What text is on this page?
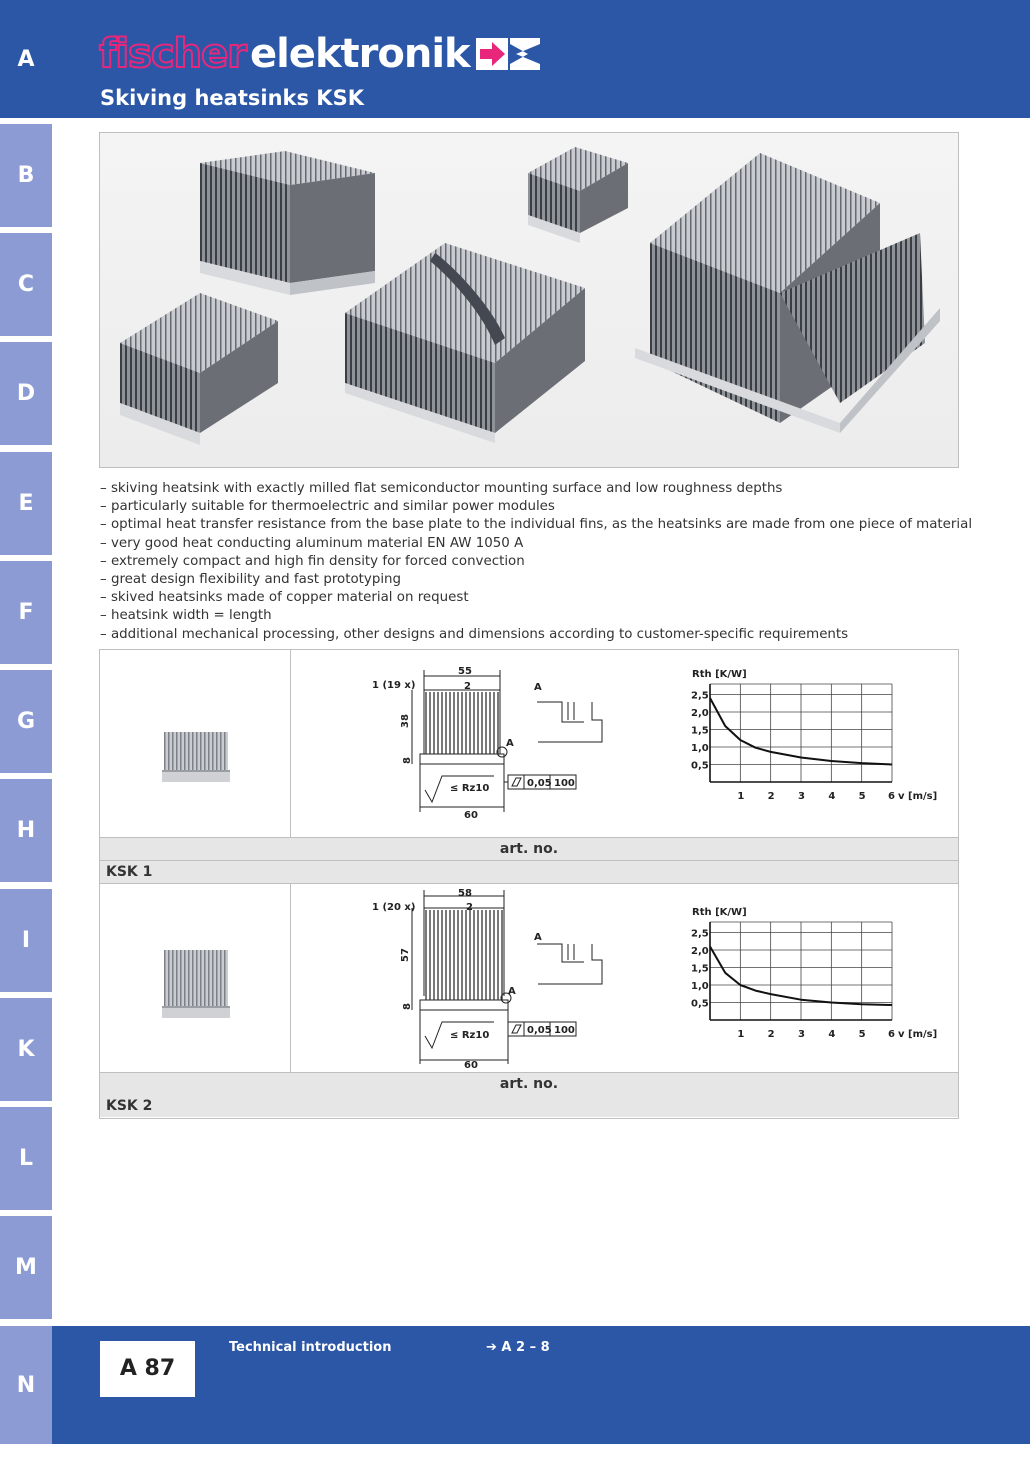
fischer elektronik
Skiving heatsinks KSK
A
B
C
D
E
F
G
H
I
K
L
M
N
– skiving heatsink with exactly milled flat semiconductor mounting surface and low roughness depths
– particularly suitable for thermoelectric and similar power modules
– optimal heat transfer resistance from the base plate to the individual fins, as the heatsinks are made from one piece of material
– very good heat conducting aluminum material EN AW 1050 A
– extremely compact and high fin density for forced convection
– great design flexibility and fast prototyping
– skived heatsinks made of copper material on request
– heatsink width = length
– additional mechanical processing, other designs and dimensions according to customer-specific requirements
55
1 (19 x)	2
38
8
≤ Rz10	0,05 100
60
A
A
1 2 3 4 5 6 v [m/s]
0,5
1,0
1,5
2,0
2,5
Rth [K/W]
art. no.
KSK 1
58
1 (20 x)	2
57
8
≤ Rz10	0,05 100
60
A
A
1 2 3 4 5 6 v [m/s]
0,5
1,0
1,5
2,0
2,5
Rth [K/W]
art. no.
KSK 2
A 87
Technical introduction	➔ A 2 – 8
